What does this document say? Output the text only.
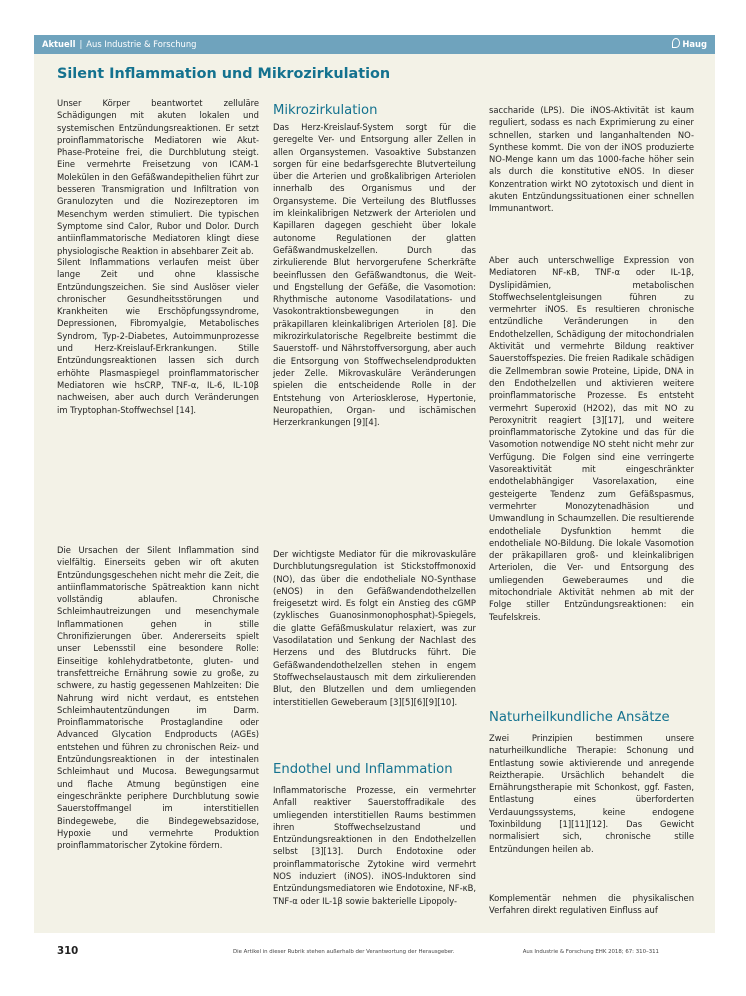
Aktuell | Aus Industrie & Forschung	Haug
Silent Inflammation und Mikrozirkulation

Unser Körper beantwortet zelluläre Schädigungen mit akuten lokalen und systemischen Entzündungsreaktionen. Er setzt proinflammatorische Mediatoren wie Akut-Phase-Proteine frei, die Durchblutung steigt. Eine vermehrte Freisetzung von ICAM-1 Molekülen in den Gefäßwandepithelien führt zur besseren Transmigration und Infiltration von Granulozyten und die Nozirezeptoren im Mesenchym werden stimuliert. Die typischen Symptome sind Calor, Rubor und Dolor. Durch antiinflammatorische Mediatoren klingt diese physiologische Reaktion in absehbarer Zeit ab.

Silent Inflammations verlaufen meist über lange Zeit und ohne klassische Entzündungszeichen. Sie sind Auslöser vieler chronischer Gesundheitsstörungen und Krankheiten wie Erschöpfungssyndrome, Depressionen, Fibromyalgie, Metabolisches Syndrom, Typ-2-Diabetes, Autoimmunprozesse und Herz-Kreislauf-Erkrankungen. Stille Entzündungsreaktionen lassen sich durch erhöhte Plasmaspiegel proinflammatorischer Mediatoren wie hsCRP, TNF-α, IL-6, IL-10β nachweisen, aber auch durch Veränderungen im Tryptophan-Stoffwechsel [14].

Die Ursachen der Silent Inflammation sind vielfältig. Einerseits geben wir oft akuten Entzündungsgeschehen nicht mehr die Zeit, die antiinflammatorische Spätreaktion kann nicht vollständig ablaufen. Chronische Schleimhautreizungen und mesenchymale Inflammationen gehen in stille Chronifizierungen über. Andererseits spielt unser Lebensstil eine besondere Rolle: Einseitige kohlehydratbetonte, gluten- und transfettreiche Ernährung sowie zu große, zu schwere, zu hastig gegessenen Mahlzeiten: Die Nahrung wird nicht verdaut, es entstehen Schleimhautentzündungen im Darm. Proinflammatorische Prostaglandine oder Advanced Glycation Endproducts (AGEs) entstehen und führen zu chronischen Reiz- und Entzündungsreaktionen in der intestinalen Schleimhaut und Mucosa. Bewegungsarmut und flache Atmung begünstigen eine eingeschränkte periphere Durchblutung sowie Sauerstoffmangel im interstitiellen Bindegewebe, die Bindegewebsazidose, Hypoxie und vermehrte Produktion proinflammatorischer Zytokine fördern.

Mikrozirkulation

Das Herz-Kreislauf-System sorgt für die geregelte Ver- und Entsorgung aller Zellen in allen Organsystemen. Vasoaktive Substanzen sorgen für eine bedarfsgerechte Blutverteilung über die Arterien und großkalibrigen Arteriolen innerhalb des Organismus und der Organsysteme. Die Verteilung des Blutflusses im kleinkalibrigen Netzwerk der Arteriolen und Kapillaren dagegen geschieht über lokale autonome Regulationen der glatten Gefäßwandmuskelzellen. Durch das zirkulierende Blut hervorgerufene Scherkräfte beeinflussen den Gefäßwandtonus, die Weit- und Engstellung der Gefäße, die Vasomotion: Rhythmische autonome Vasodilatations- und Vasokontraktionsbewegungen in den präkapillaren kleinkalibrigen Arteriolen [8]. Die mikrozirkulatorische Regelbreite bestimmt die Sauerstoff- und Nährstoffversorgung, aber auch die Entsorgung von Stoffwechselendprodukten jeder Zelle. Mikrovaskuläre Veränderungen spielen die entscheidende Rolle in der Entstehung von Arteriosklerose, Hypertonie, Neuropathien, Organ- und ischämischen Herzerkrankungen [9][4].

Der wichtigste Mediator für die mikrovaskuläre Durchblutungsregulation ist Stickstoffmonoxid (NO), das über die endotheliale NO-Synthase (eNOS) in den Gefäßwandendothelzellen freigesetzt wird. Es folgt ein Anstieg des cGMP (zyklisches Guanosinmonophosphat)-Spiegels, die glatte Gefäßmuskulatur relaxiert, was zur Vasodilatation und Senkung der Nachlast des Herzens und des Blutdrucks führt. Die Gefäßwandendothelzellen stehen in engem Stoffwechselaustausch mit dem zirkulierenden Blut, den Blutzellen und dem umliegenden interstitiellen Geweberaum [3][5][6][9][10].

Endothel und Inflammation

Inflammatorische Prozesse, ein vermehrter Anfall reaktiver Sauerstoffradikale des umliegenden interstitiellen Raums bestimmen ihren Stoffwechselzustand und Entzündungsreaktionen in den Endothelzellen selbst [3][13]. Durch Endotoxine oder proinflammatorische Zytokine wird vermehrt NOS induziert (iNOS). iNOS-Induktoren sind Entzündungsmediatoren wie Endotoxine, NF-κB, TNF-α oder IL-1β sowie bakterielle Lipopoly-

saccharide (LPS). Die iNOS-Aktivität ist kaum reguliert, sodass es nach Exprimierung zu einer schnellen, starken und langanhaltenden NO-Synthese kommt. Die von der iNOS produzierte NO-Menge kann um das 1000-fache höher sein als durch die konstitutive eNOS. In dieser Konzentration wirkt NO zytotoxisch und dient in akuten Entzündungssituationen einer schnellen Immunantwort.

Aber auch unterschwellige Expression von Mediatoren NF-κB, TNF-α oder IL-1β, Dyslipidämien, metabolischen Stoffwechselentgleisungen führen zu vermehrter iNOS. Es resultieren chronische entzündliche Veränderungen in den Endothelzellen, Schädigung der mitochondrialen Aktivität und vermehrte Bildung reaktiver Sauerstoffspezies. Die freien Radikale schädigen die Zellmembran sowie Proteine, Lipide, DNA in den Endothelzellen und aktivieren weitere proinflammatorische Prozesse. Es entsteht vermehrt Superoxid (H2O2), das mit NO zu Peroxynitrit reagiert [3][17], und weitere proinflammatorische Zytokine und das für die Vasomotion notwendige NO steht nicht mehr zur Verfügung. Die Folgen sind eine verringerte Vasoreaktivität mit eingeschränkter endothelabhängiger Vasorelaxation, eine gesteigerte Tendenz zum Gefäßspasmus, vermehrter Monozytenadhäsion und Umwandlung in Schaumzellen. Die resultierende endotheliale Dysfunktion hemmt die endotheliale NO-Bildung. Die lokale Vasomotion der präkapillaren groß- und kleinkalibrigen Arteriolen, die Ver- und Entsorgung des umliegenden Geweberaumes und die mitochondriale Aktivität nehmen ab mit der Folge stiller Entzündungsreaktionen: ein Teufelskreis.

Naturheilkundliche Ansätze

Zwei Prinzipien bestimmen unsere naturheilkundliche Therapie: Schonung und Entlastung sowie aktivierende und anregende Reiztherapie. Ursächlich behandelt die Ernährungstherapie mit Schonkost, ggf. Fasten, Entlastung eines überforderten Verdauungssystems, keine endogene Toxinbildung [1][11][12]. Das Gewicht normalisiert sich, chronische stille Entzündungen heilen ab.

Komplementär nehmen die physikalischen Verfahren direkt regulativen Einfluss auf

310	Die Artikel in dieser Rubrik stehen außerhalb der Verantwortung der Herausgeber.	Aus Industrie & Forschung EHK 2018; 67: 310–311
